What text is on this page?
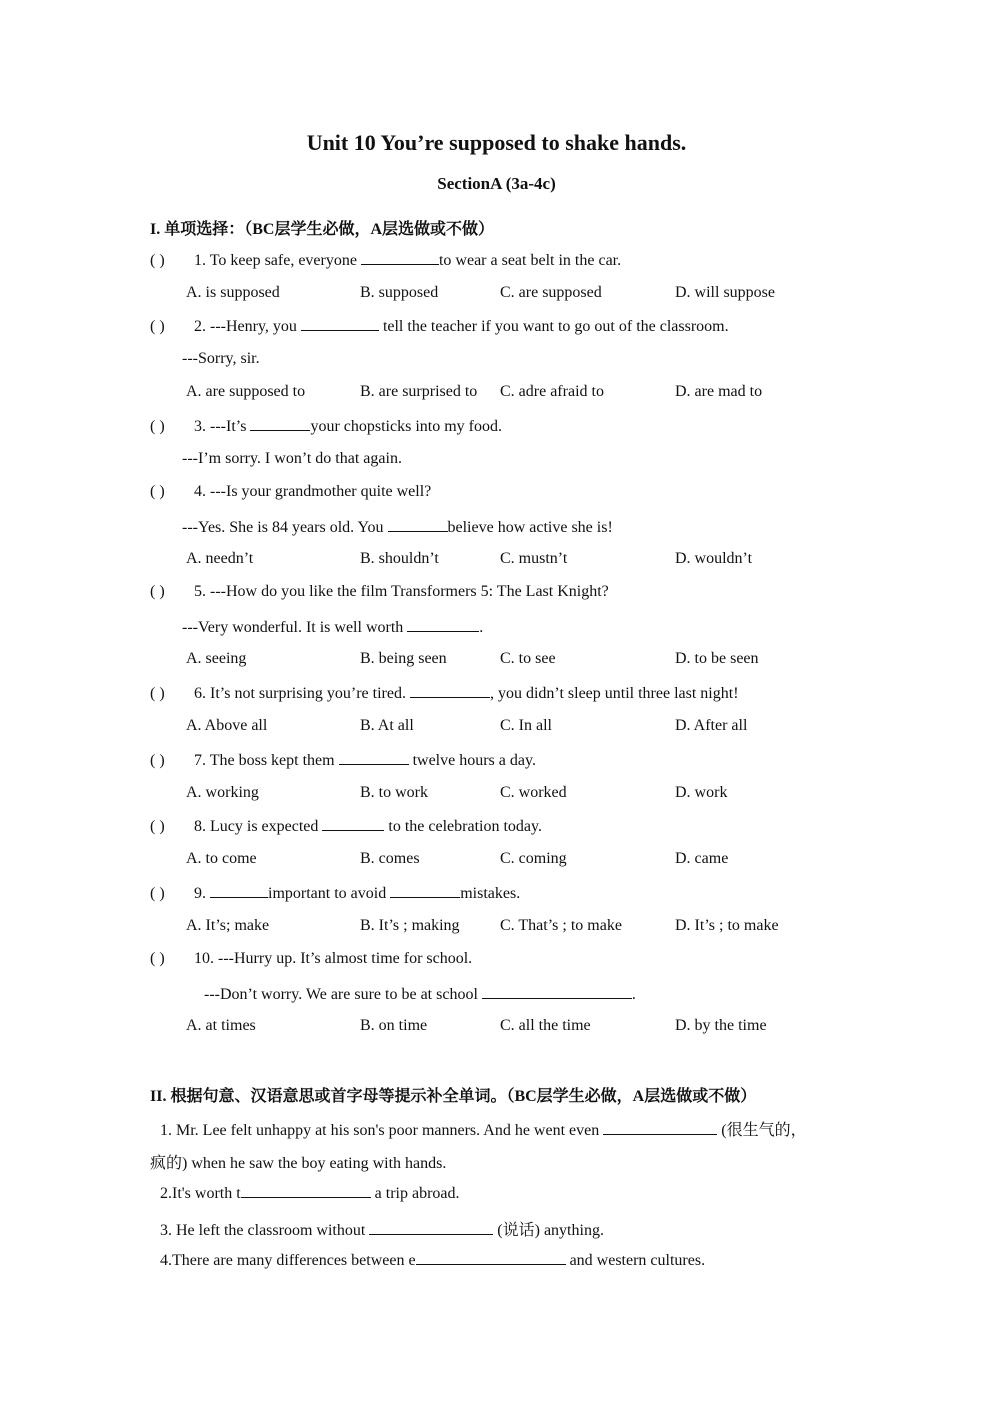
Unit 10 You’re supposed to shake hands.
SectionA (3a-4c)
I. 单项选择：（BC层学生必做，A层选做或不做）
( ) 1. To keep safe, everyone	to wear a seat belt in the car.
A. is supposed	B. supposed	C. are supposed	D. will suppose
( ) 2. ---Henry, you	tell the teacher if you want to go out of the classroom.
---Sorry, sir.
A. are supposed to	B. are surprised to C. adre afraid to	D. are mad to
( ) 3. ---It’s	your chopsticks into my food.
---I’m sorry. I won’t do that again.
( ) 4. ---Is your grandmother quite well?
---Yes. She is 84 years old. You	believe how active she is!
A. needn’t	B. shouldn’t	C. mustn’t	D. wouldn’t
( ) 5. ---How do you like the film Transformers 5: The Last Knight?
---Very wonderful. It is well worth	.
A. seeing	B. being seen	C. to see	D. to be seen
( ) 6. It’s not surprising you’re tired.	, you didn’t sleep until three last night!
A. Above all	B. At all	C. In all	D. After all
( ) 7. The boss kept them	twelve hours a day.
A. working	B. to work	C. worked	D. work
( ) 8. Lucy is expected	to the celebration today.
A. to come	B. comes	C. coming	D. came
( ) 9.	important to avoid	mistakes.
A. It’s; make	B. It’s ; making	C. That’s ; to make	D. It’s ; to make
( ) 10. ---Hurry up. It’s almost time for school.
---Don’t worry. We are sure to be at school	.
A. at times	B. on time	C. all the time	D. by the time
II. 根据句意、汉语意思或首字母等提示补全单词。（BC层学生必做，A层选做或不做）
1. Mr. Lee felt unhappy at his son's poor manners. And he went even	(很生气的，
疯的) when he saw the boy eating with hands.
2.It's worth t	a trip abroad.
3. He left the classroom without	(说话) anything.
4.There are many differences between e	and western cultures.
